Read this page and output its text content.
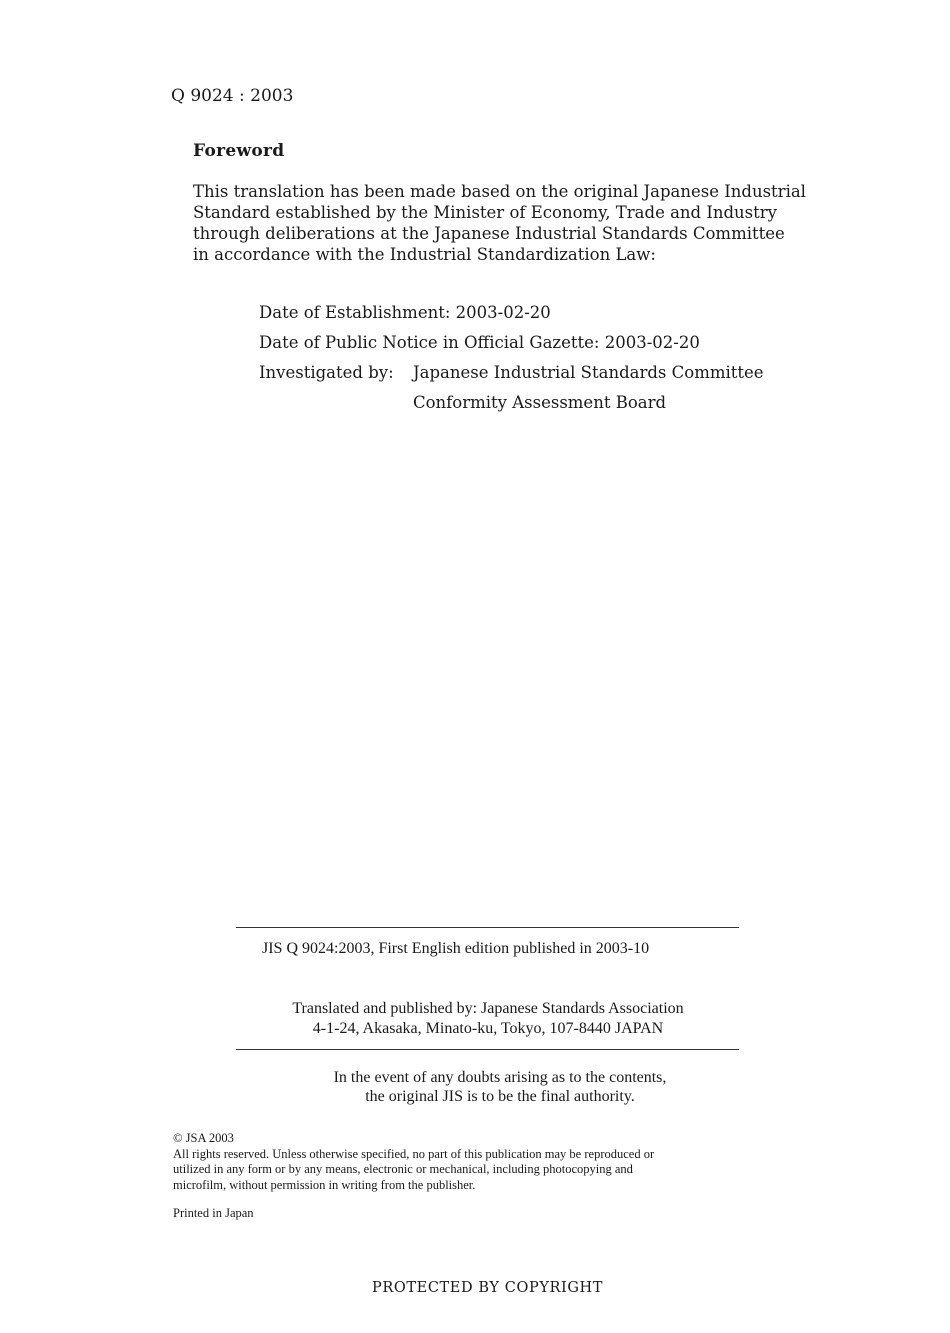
Q 9024 : 2003
Foreword
This translation has been made based on the original Japanese Industrial
Standard established by the Minister of Economy, Trade and Industry
through deliberations at the Japanese Industrial Standards Committee
in accordance with the Industrial Standardization Law:
Date of Establishment: 2003-02-20
Date of Public Notice in Official Gazette: 2003-02-20
Investigated by: Japanese Industrial Standards Committee
Conformity Assessment Board
JIS Q 9024:2003, First English edition published in 2003-10
Translated and published by: Japanese Standards Association
4-1-24, Akasaka, Minato-ku, Tokyo, 107-8440 JAPAN
In the event of any doubts arising as to the contents,
the original JIS is to be the final authority.
© JSA 2003
All rights reserved. Unless otherwise specified, no part of this publication may be reproduced or
utilized in any form or by any means, electronic or mechanical, including photocopying and
microfilm, without permission in writing from the publisher.
Printed in Japan
PROTECTED BY COPYRIGHT
